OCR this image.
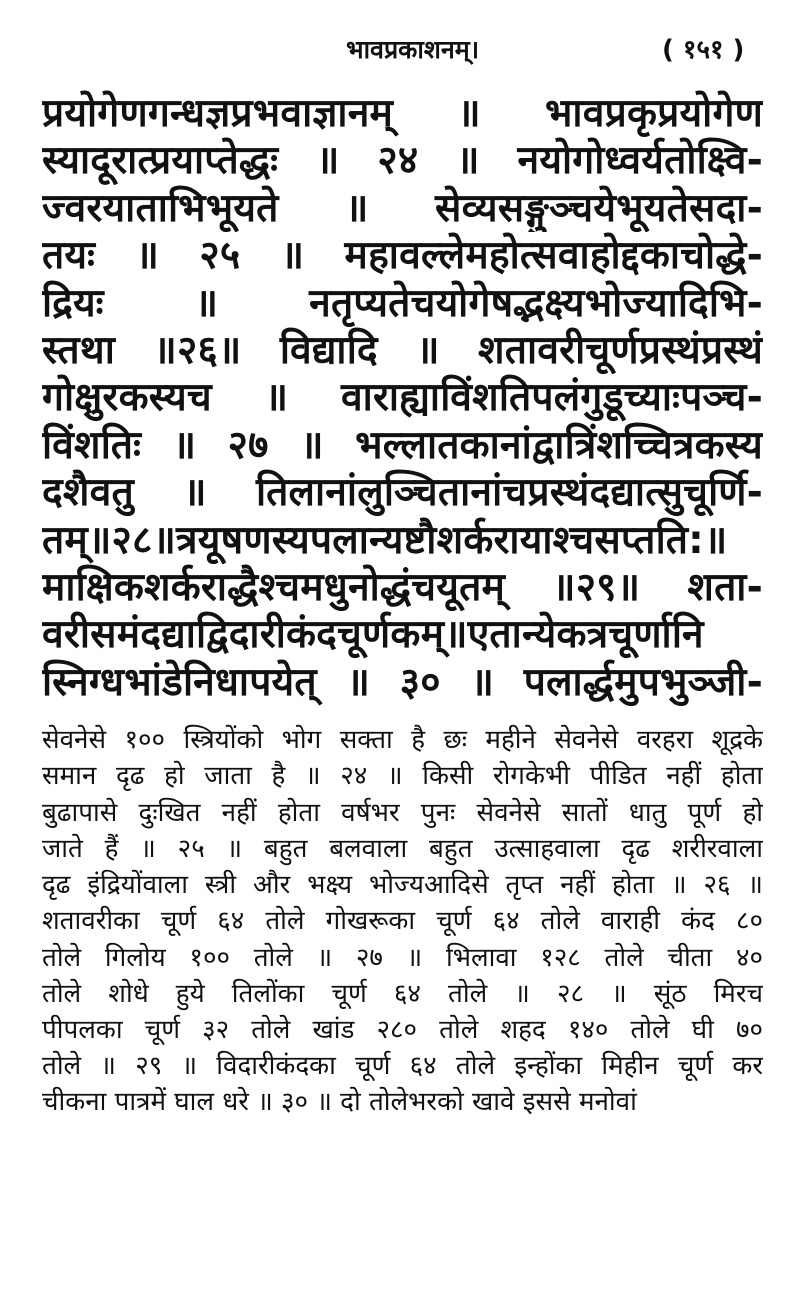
भावप्रकाशनम्।	( १५१ )
प्रयोगेणगन्धज्ञप्रभवाज्ञानम् ॥ भावप्रकृप्रयोगेण
स्यादूरात्प्रयाप्तेद्धः ॥ २४ ॥ नयोगोध्वर्यतोक्ष्वि-
ज्वरयाताभिभूयते ॥ सेव्यसङ्गुञ्चयेभूयतेसदा-
तयः ॥ २५ ॥ महावल्लेमहोत्सवाहोद्दकाचोद्धे-
द्रियः ॥ नतृप्यतेचयोगेषद्भक्ष्यभोज्यादिभि-
स्तथा ॥२६॥ विद्यादि ॥ शतावरीचूर्णप्रस्थंप्रस्थं
गोक्षुरकस्यच ॥ वाराह्याविंशतिपलंगुडूच्याःपञ्च-
विंशतिः ॥ २७ ॥ भल्लातकानांद्वात्रिंशच्चित्रकस्य
दशैवतु ॥ तिलानांलुञ्चितानांचप्रस्थंदद्यात्सुचूर्णि-
तम्॥२८॥त्रयूषणस्यपलान्यष्टौशर्करायाश्चसप्तति:॥
माक्षिकशर्कराद्धैश्चमधुनोद्धंचयूतम् ॥२९॥ शता-
वरीसमंदद्याद्विदारीकंदचूर्णकम्॥एतान्येकत्रचूर्णानि
स्निग्धभांडेनिधापयेत् ॥ ३० ॥ पलार्द्धमुपभुञ्जी-
सेवनेसे १०० स्त्रियोंको भोग सक्ता है छः महीने सेवनेसे वरहरा शूद्रके
समान दृढ हो जाता है ॥ २४ ॥ किसी रोगकेभी पीडित नहीं होता
बुढापासे दुःखित नहीं होता वर्षभर पुनः सेवनेसे सातों धातु पूर्ण हो
जाते हैं ॥ २५ ॥ बहुत बलवाला बहुत उत्साहवाला दृढ शरीरवाला
दृढ इंद्रियोंवाला स्त्री और भक्ष्य भोज्यआदिसे तृप्त नहीं होता ॥ २६ ॥
शतावरीका चूर्ण ६४ तोले गोखरूका चूर्ण ६४ तोले वाराही कंद ८०
तोले गिलोय १०० तोले ॥ २७ ॥ भिलावा १२८ तोले चीता ४०
तोले शोधे हुये तिलोंका चूर्ण ६४ तोले ॥ २८ ॥ सूंठ मिरच
पीपलका चूर्ण ३२ तोले खांड २८० तोले शहद १४० तोले घी ७०
तोले ॥ २९ ॥ विदारीकंदका चूर्ण ६४ तोले इन्होंका मिहीन चूर्ण कर
चीकना पात्रमें घाल धरे ॥ ३० ॥ दो तोलेभरको खावे इससे मनोवां
